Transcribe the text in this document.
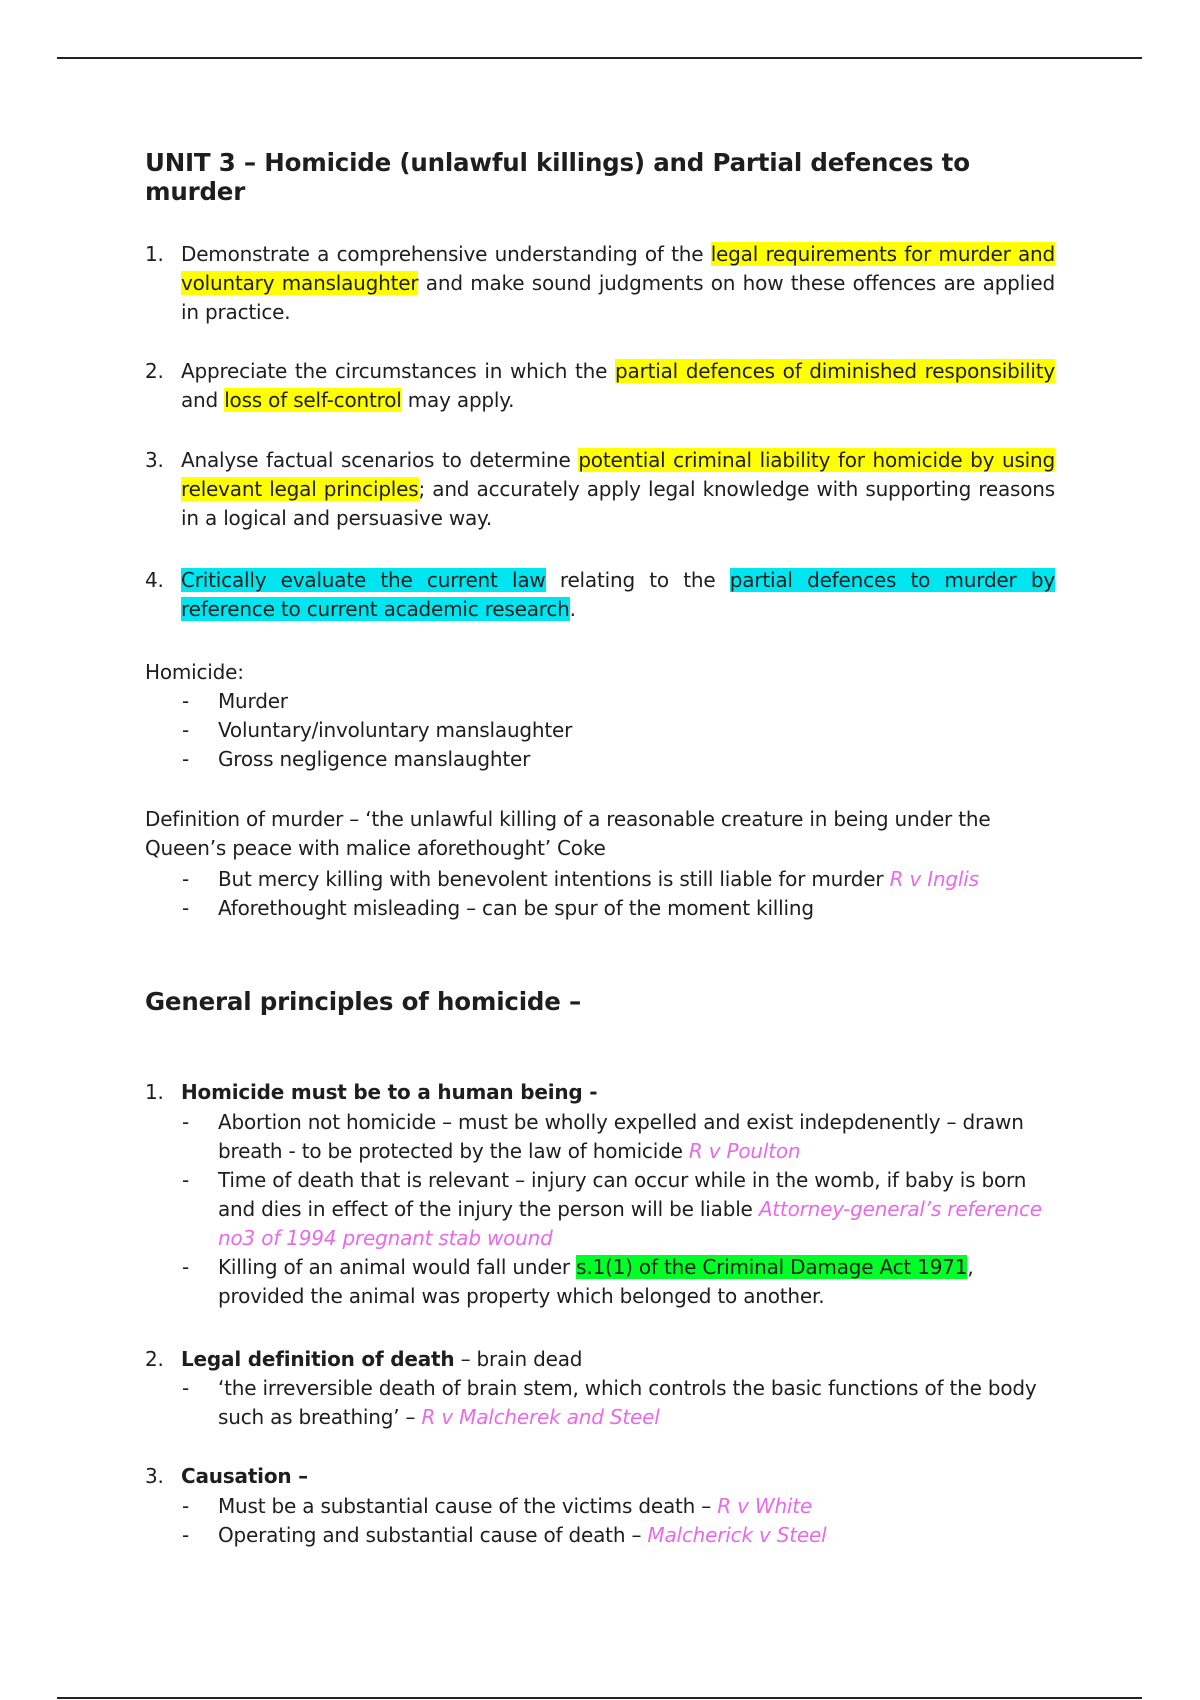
UNIT 3 – Homicide (unlawful killings) and Partial defences to murder
1. Demonstrate a comprehensive understanding of the legal requirements for murder and voluntary manslaughter and make sound judgments on how these offences are applied in practice.
2. Appreciate the circumstances in which the partial defences of diminished responsibility and loss of self-control may apply.
3. Analyse factual scenarios to determine potential criminal liability for homicide by using relevant legal principles; and accurately apply legal knowledge with supporting reasons in a logical and persuasive way.
4. Critically evaluate the current law relating to the partial defences to murder by reference to current academic research.
Homicide:
- Murder
- Voluntary/involuntary manslaughter
- Gross negligence manslaughter
Definition of murder – ‘the unlawful killing of a reasonable creature in being under the Queen’s peace with malice aforethought’ Coke
- But mercy killing with benevolent intentions is still liable for murder R v Inglis
- Aforethought misleading – can be spur of the moment killing
General principles of homicide –
1. Homicide must be to a human being -
- Abortion not homicide – must be wholly expelled and exist indepdenently – drawn breath - to be protected by the law of homicide R v Poulton
- Time of death that is relevant – injury can occur while in the womb, if baby is born and dies in effect of the injury the person will be liable Attorney-general’s reference no3 of 1994 pregnant stab wound
- Killing of an animal would fall under s.1(1) of the Criminal Damage Act 1971, provided the animal was property which belonged to another.
2. Legal definition of death – brain dead
- ‘the irreversible death of brain stem, which controls the basic functions of the body such as breathing’ – R v Malcherek and Steel
3. Causation –
- Must be a substantial cause of the victims death – R v White
- Operating and substantial cause of death – Malcherick v Steel
